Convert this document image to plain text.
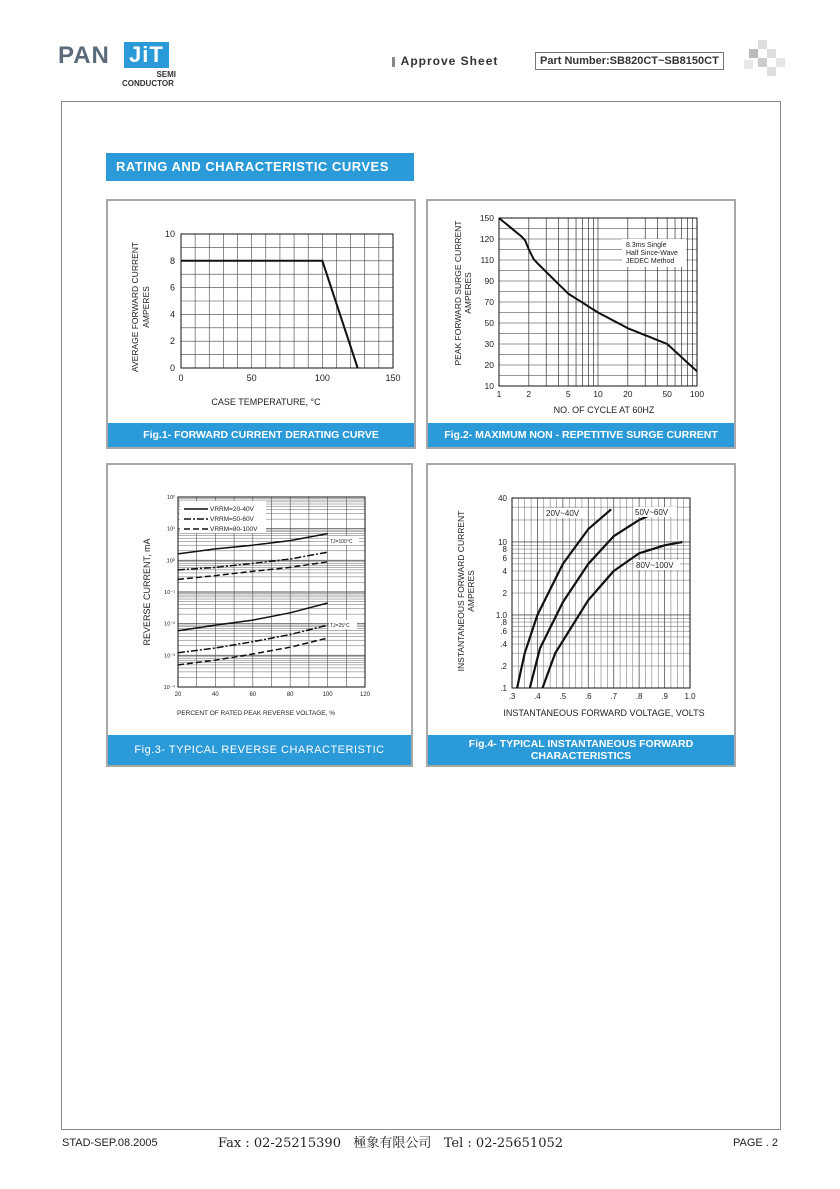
PAN JiT
SEMI
CONDUCTOR
Approve Sheet	Part Number:SB820CT~SB8150CT
RATING AND CHARACTERISTIC CURVES
0	50	100	150
0
2
4
6
8
10
AVERAGE FORWARD CURRENT AMPERES
CASE TEMPERATURE, °C
Fig.1- FORWARD CURRENT DERATING CURVE
1	2	5	10 20	50 100
10
20
30
50
70
90
110
120
150
8.3ms Single
Half Since-Wave
JEDEC Method
PEAK FORWARD SURGE CURRENT AMPERES
NO. OF CYCLE AT 60HZ
Fig.2- MAXIMUM NON - REPETITIVE SURGE CURRENT
20	40	60	80	100	120
10²
10¹
10⁰
10⁻¹
10⁻²
10⁻³
10⁻⁴
VRRM=20-40V
VRRM=50-60V
VRRM=80-100V
TJ=100°C
TJ=25°C
REVERSE CURRENT, mA
PERCENT OF RATED PEAK REVERSE VOLTAGE, %
Fig.3- TYPICAL REVERSE CHARACTERISTIC
.3 .4 .5 .6 .7 .8 .9 1.0
40
10
8
6
4
2
1.0
.8
.6
.4
.2
.1
20V~40V	50V~60V
80V~100V
INSTANTANEOUS FORWARD CURRENT AMPERES
INSTANTANEOUS FORWARD VOLTAGE, VOLTS
Fig.4- TYPICAL INSTANTANEOUS FORWARD
CHARACTERISTICS
STAD-SEP.08.2005	Fax : 02-25215390   極象有限公司   Tel : 02-25651052	PAGE . 2
